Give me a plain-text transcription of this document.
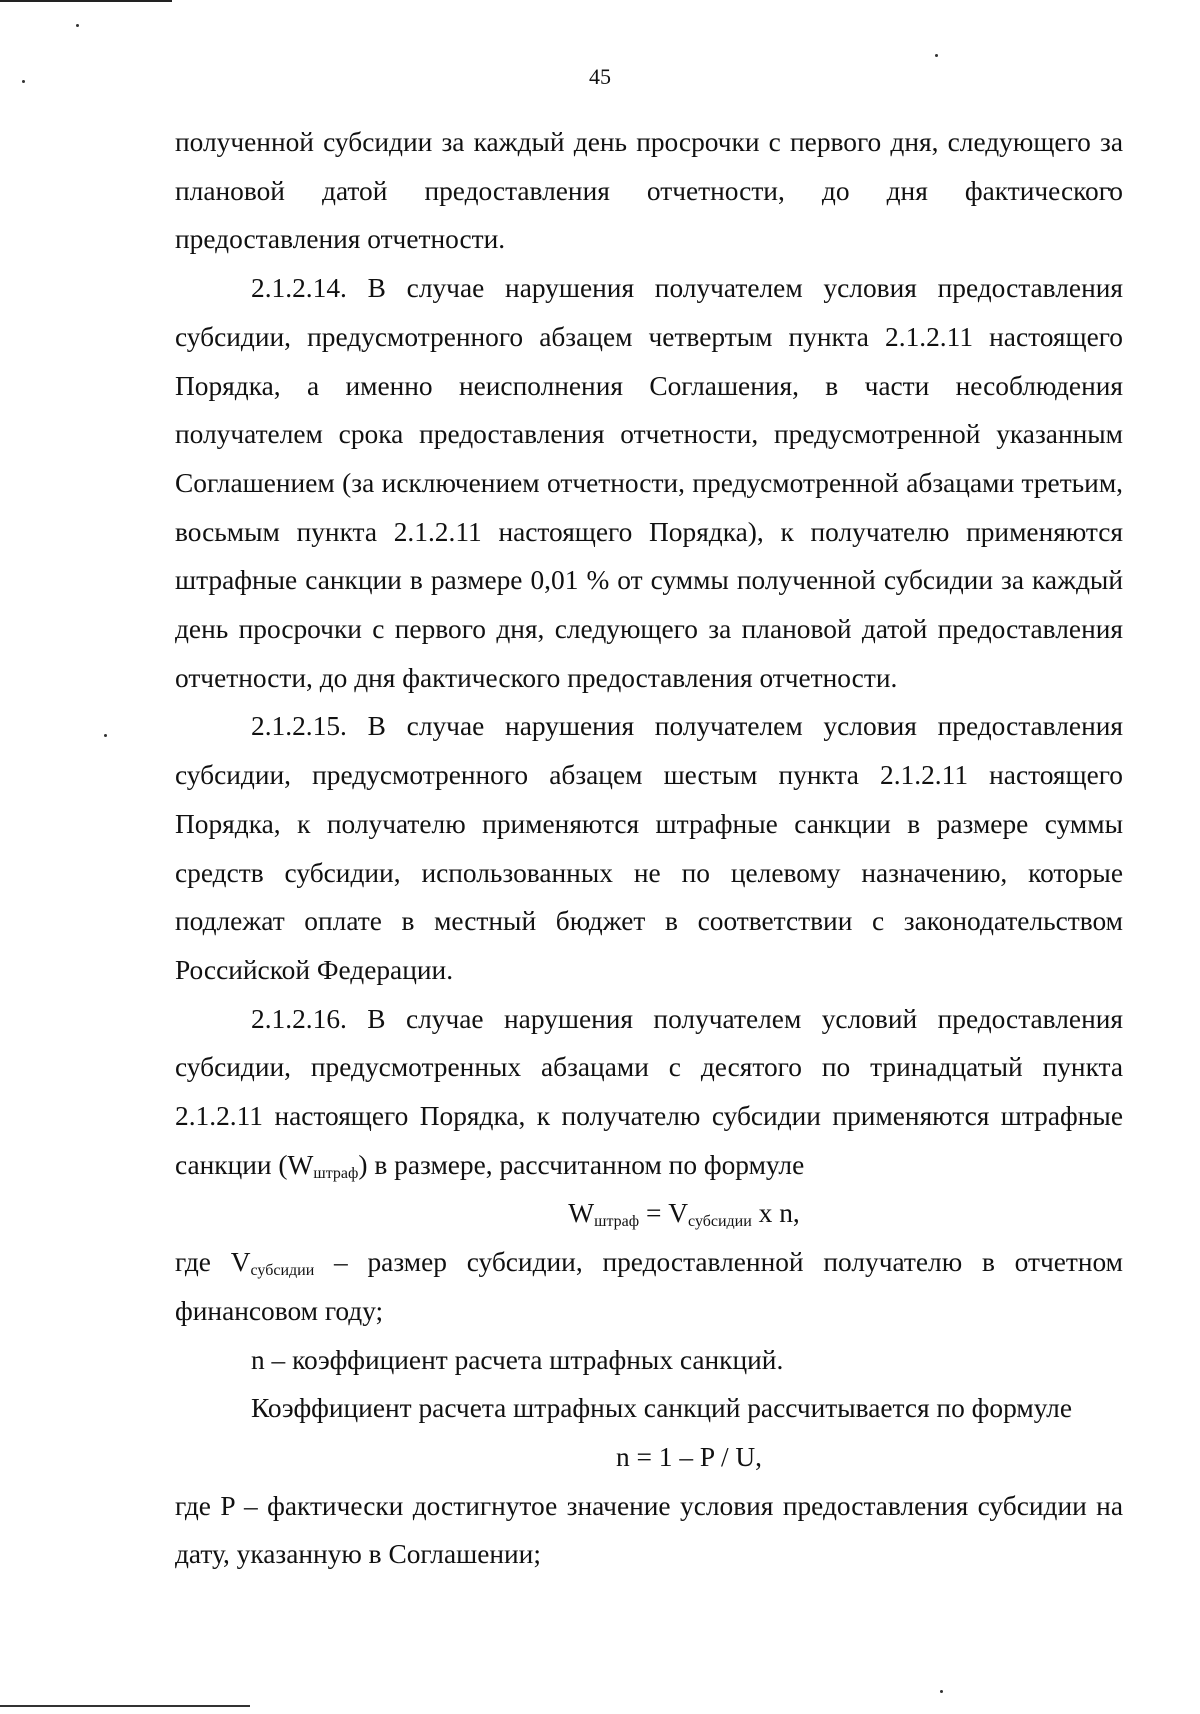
45

полученной субсидии за каждый день просрочки с первого дня, следующего за плановой датой предоставления отчетности, до дня фактического предоставления отчетности.

2.1.2.14. В случае нарушения получателем условия предоставления субсидии, предусмотренного абзацем четвертым пункта 2.1.2.11 настоящего Порядка, а именно неисполнения Соглашения, в части несоблюдения получателем срока предоставления отчетности, предусмотренной указанным Соглашением (за исключением отчетности, предусмотренной абзацами третьим, восьмым пункта 2.1.2.11 настоящего Порядка), к получателю применяются штрафные санкции в размере 0,01 % от суммы полученной субсидии за каждый день просрочки с первого дня, следующего за плановой датой предоставления отчетности, до дня фактического предоставления отчетности.

2.1.2.15. В случае нарушения получателем условия предоставления субсидии, предусмотренного абзацем шестым пункта 2.1.2.11 настоящего Порядка, к получателю применяются штрафные санкции в размере суммы средств субсидии, использованных не по целевому назначению, которые подлежат оплате в местный бюджет в соответствии с законодательством Российской Федерации.

2.1.2.16. В случае нарушения получателем условий предоставления субсидии, предусмотренных абзацами с десятого по тринадцатый пункта 2.1.2.11 настоящего Порядка, к получателю субсидии применяются штрафные санкции $(W_{штраф})$ в размере, рассчитанном по формуле

$W_{штраф} = V_{субсидии}$ x n,

где $V_{субсидии}$ – размер субсидии, предоставленной получателю в отчетном финансовом году;

n – коэффициент расчета штрафных санкций.

Коэффициент расчета штрафных санкций рассчитывается по формуле

n = 1 – P / U,

где P – фактически достигнутое значение условия предоставления субсидии на дату, указанную в Соглашении;
